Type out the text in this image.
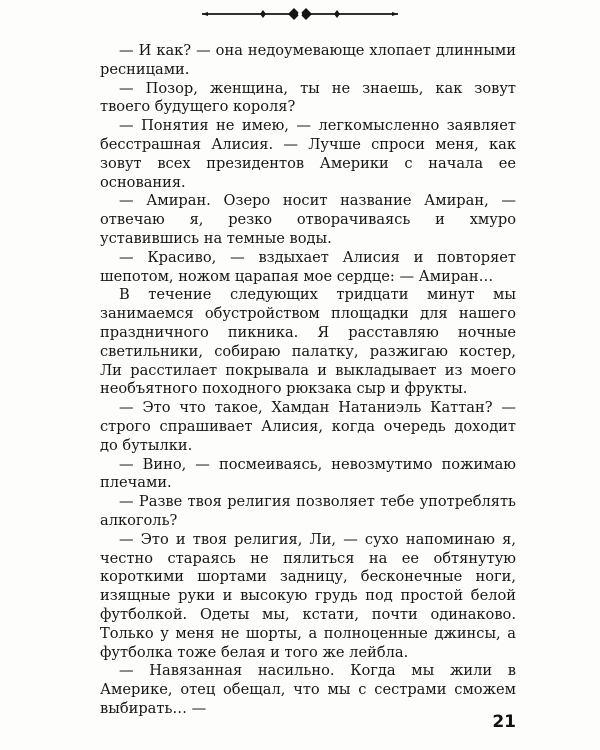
— И как? — она недоумевающе хлопает длинными ресницами.

— Позор, женщина, ты не знаешь, как зовут твоего будущего короля?

— Понятия не имею, — легкомысленно заявляет бесстрашная Алисия. — Лучше спроси меня, как зовут всех президентов Америки с начала ее основания.

— Амиран. Озеро носит название Амиран, — отвечаю я, резко отворачиваясь и хмуро уставившись на темные воды.

— Красиво, — вздыхает Алисия и повторяет шепотом, ножом царапая мое сердце: — Амиран…

В течение следующих тридцати минут мы занимаемся обустройством площадки для нашего праздничного пикника. Я расставляю ночные светильники, собираю палатку, разжигаю костер, Ли расстилает покрывала и выкладывает из моего необъятного походного рюкзака сыр и фрукты.

— Это что такое, Хамдан Натаниэль Каттан? — строго спрашивает Алисия, когда очередь доходит до бутылки.

— Вино, — посмеиваясь, невозмутимо пожимаю плечами.

— Разве твоя религия позволяет тебе употреблять алкоголь?

— Это и твоя религия, Ли, — сухо напоминаю я, честно стараясь не пялиться на ее обтянутую короткими шортами задницу, бесконечные ноги, изящные руки и высокую грудь под простой белой футболкой. Одеты мы, кстати, почти одинаково. Только у меня не шорты, а полноценные джинсы, а футболка тоже белая и того же лейбла.

— Навязанная насильно. Когда мы жили в Америке, отец обещал, что мы с сестрами сможем выбирать… —

21
